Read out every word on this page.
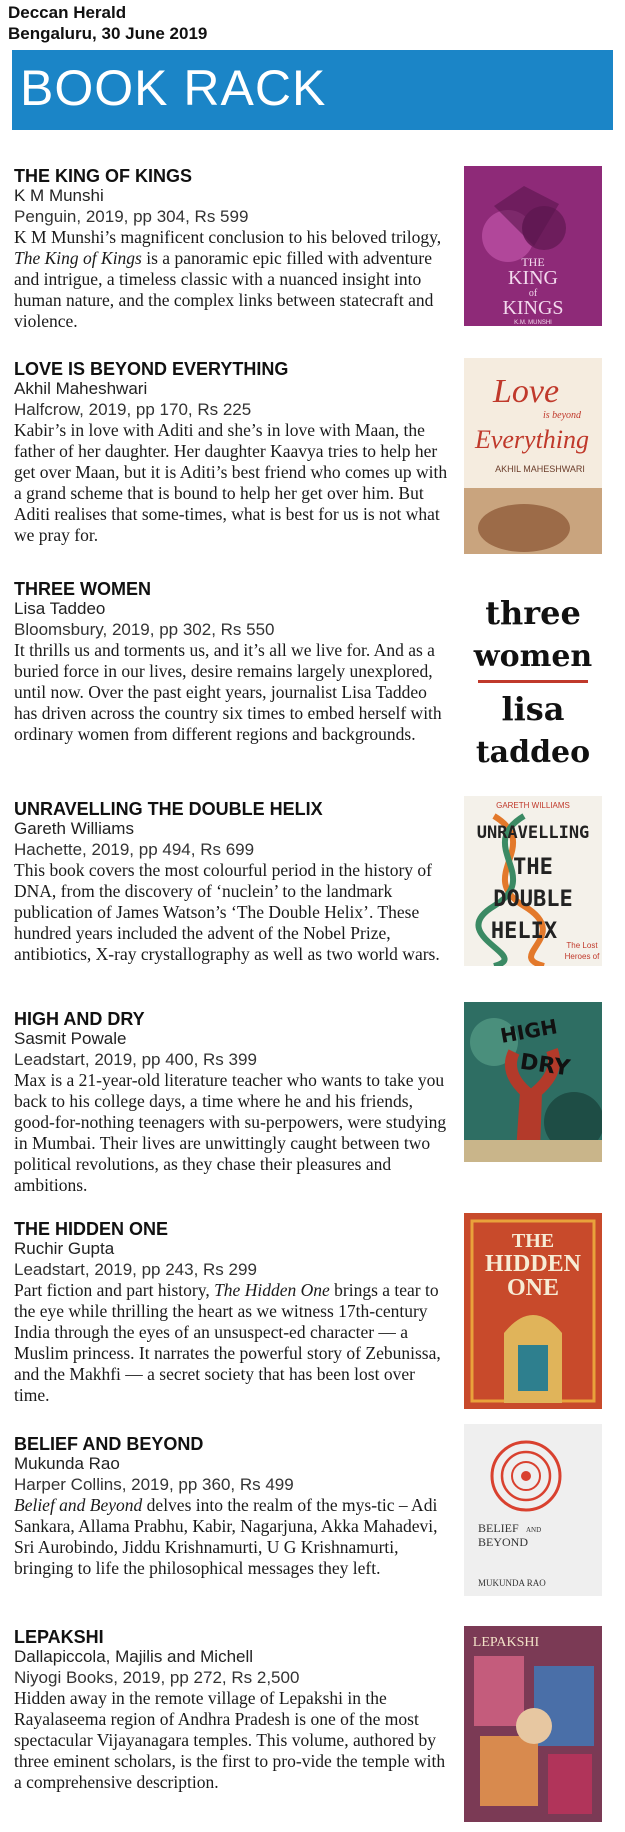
Deccan Herald
Bengaluru, 30 June 2019
BOOK RACK
THE KING OF KINGS
K M Munshi
Penguin, 2019, pp 304, Rs 599

K M Munshi’s magnificent conclusion to his beloved trilogy, The King of Kings is a panoramic epic filled with adventure and intrigue, a timeless classic with a nuanced insight into human nature, and the complex links between statecraft and violence.

THE
KING
of
KINGS
K.M. MUNSHI
LOVE IS BEYOND EVERYTHING
Akhil Maheshwari
Halfcrow, 2019, pp 170, Rs 225

Kabir’s in love with Aditi and she’s in love with Maan, the father of her daughter. Her daughter Kaavya tries to help her get over Maan, but it is Aditi’s best friend who comes up with a grand scheme that is bound to help her get over him. But Aditi realises that some-times, what is best for us is not what we pray for.

Love
is beyond
Everything
AKHIL MAHESHWARI
THREE WOMEN
Lisa Taddeo
Bloomsbury, 2019, pp 302, Rs 550

It thrills us and torments us, and it’s all we live for. And as a buried force in our lives, desire remains largely unexplored, until now. Over the past eight years, journalist Lisa Taddeo has driven across the country six times to embed herself with ordinary women from different regions and backgrounds.

three
women
lisa
taddeo
UNRAVELLING THE DOUBLE HELIX
Gareth Williams
Hachette, 2019, pp 494, Rs 699

This book covers the most colourful period in the history of DNA, from the discovery of ‘nuclein’ to the landmark publication of James Watson’s ‘The Double Helix’. These hundred years included the advent of the Nobel Prize, antibiotics, X-ray crystallography as well as two world wars.

GARETH WILLIAMS
UNRAVELLING
THE
DOUBLE
HELIX
The Lost
Heroes of
HIGH AND DRY
Sasmit Powale
Leadstart, 2019, pp 400, Rs 399

Max is a 21-year-old literature teacher who wants to take you back to his college days, a time where he and his friends, good-for-nothing teenagers with su-perpowers, were studying in Mumbai. Their lives are unwittingly caught between two political revolutions, as they chase their pleasures and ambitions.

HIGH
DRY
THE HIDDEN ONE
Ruchir Gupta
Leadstart, 2019, pp 243, Rs 299

Part fiction and part history, The Hidden One brings a tear to the eye while thrilling the heart as we witness 17th-century India through the eyes of an unsuspect-ed character — a Muslim princess. It narrates the powerful story of Zebunissa, and the Makhfi — a secret society that has been lost over time.

THE
HIDDEN
ONE
BELIEF AND BEYOND
Mukunda Rao
Harper Collins, 2019, pp 360, Rs 499

Belief and Beyond delves into the realm of the mys-tic – Adi Sankara, Allama Prabhu, Kabir, Nagarjuna, Akka Mahadevi, Sri Aurobindo, Jiddu Krishnamurti, U G Krishnamurti, bringing to life the philosophical messages they left.

BELIEF AND
BEYOND
MUKUNDA RAO
LEPAKSHI
Dallapiccola, Majilis and Michell
Niyogi Books, 2019, pp 272, Rs 2,500

Hidden away in the remote village of Lepakshi in the Rayalaseema region of Andhra Pradesh is one of the most spectacular Vijayanagara temples. This volume, authored by three eminent scholars, is the first to pro-vide the temple with a comprehensive description.

LEPAKSHI
